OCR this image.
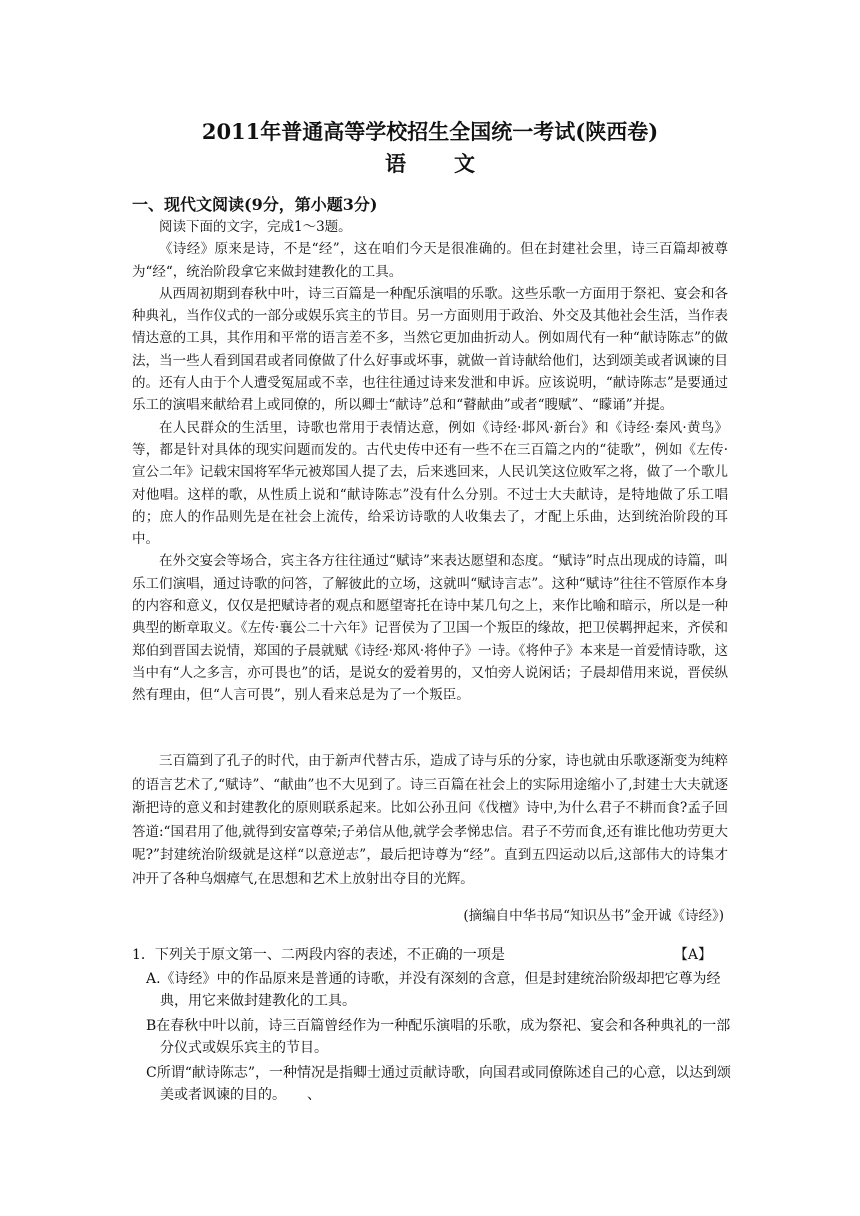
2011年普通高等学校招生全国统一考试(陕西卷)
语文
一、现代文阅读(9分，第小题3分)

阅读下面的文字，完成1～3题。

《诗经》原来是诗，不是“经”，这在咱们今天是很准确的。但在封建社会里，诗三百篇却被尊为“经“，统治阶段拿它来做封建教化的工具。

从西周初期到春秋中叶，诗三百篇是一种配乐演唱的乐歌。这些乐歌一方面用于祭祀、宴会和各种典礼，当作仪式的一部分或娱乐宾主的节目。另一方面则用于政治、外交及其他社会生活，当作表情达意的工具，其作用和平常的语言差不多，当然它更加曲折动人。例如周代有一种“献诗陈志”的做法，当一些人看到国君或者同僚做了什么好事或坏事，就做一首诗献给他们，达到颂美或者讽谏的目的。还有人由于个人遭受冤屈或不幸，也往往通过诗来发泄和申诉。应该说明，“献诗陈志”是要通过乐工的演唱来献给君上或同僚的，所以卿士“献诗”总和“瞽献曲”或者“瞍赋”、“矇诵”并提。

在人民群众的生活里，诗歌也常用于表情达意，例如《诗经·邶风·新台》和《诗经·秦风·黄鸟》等，都是针对具体的现实问题而发的。古代史传中还有一些不在三百篇之内的“徒歌”，例如《左传·宣公二年》记载宋国将军华元被郑国人提了去，后来逃回来，人民讥笑这位败军之将，做了一个歌儿对他唱。这样的歌，从性质上说和“献诗陈志”没有什么分别。不过士大夫献诗，是特地做了乐工唱的；庶人的作品则先是在社会上流传，给采访诗歌的人收集去了，才配上乐曲，达到统治阶段的耳中。

在外交宴会等场合，宾主各方往往通过“赋诗”来表达愿望和态度。“赋诗”时点出现成的诗篇，叫乐工们演唱，通过诗歌的问答，了解彼此的立场，这就叫“赋诗言志”。这种“赋诗”往往不管原作本身的内容和意义，仅仅是把赋诗者的观点和愿望寄托在诗中某几句之上，来作比喻和暗示，所以是一种典型的断章取义。《左传·襄公二十六年》记晋侯为了卫国一个叛臣的缘故，把卫侯羁押起来，齐侯和郑伯到晋国去说情，郑国的子晨就赋《诗经·郑风·将仲子》一诗。《将仲子》本来是一首爱情诗歌，这当中有“人之多言，亦可畏也”的话，是说女的爱着男的，又怕旁人说闲话；子晨却借用来说，晋侯纵然有理由，但“人言可畏”，别人看来总是为了一个叛臣。

三百篇到了孔子的时代，由于新声代替古乐，造成了诗与乐的分家，诗也就由乐歌逐渐变为纯粹的语言艺术了,“赋诗”、“献曲”也不大见到了。诗三百篇在社会上的实际用途缩小了,封建士大夫就逐渐把诗的意义和封建教化的原则联系起来。比如公孙丑问《伐檀》诗中,为什么君子不耕而食?孟子回答道:“国君用了他,就得到安富尊荣;子弟信从他,就学会孝悌忠信。君子不劳而食,还有谁比他功劳更大呢?”封建统治阶级就是这样“以意逆志”，最后把诗尊为“经”。直到五四运动以后,这部伟大的诗集才冲开了各种乌烟瘴气,在思想和艺术上放射出夺目的光辉。

(摘编自中华书局“知识丛书”金开诚《诗经》)

1．下列关于原文第一、二两段内容的表述，不正确的一项是	【A】

A.《诗经》中的作品原来是普通的诗歌，并没有深刻的含意，但是封建统治阶级却把它尊为经典，用它来做封建教化的工具。

B在春秋中叶以前，诗三百篇曾经作为一种配乐演唱的乐歌，成为祭祀、宴会和各种典礼的一部分仪式或娱乐宾主的节目。

C所谓“献诗陈志”，一种情况是指卿士通过贡献诗歌，向国君或同僚陈述自己的心意，以达到颂美或者讽谏的目的。　　、
